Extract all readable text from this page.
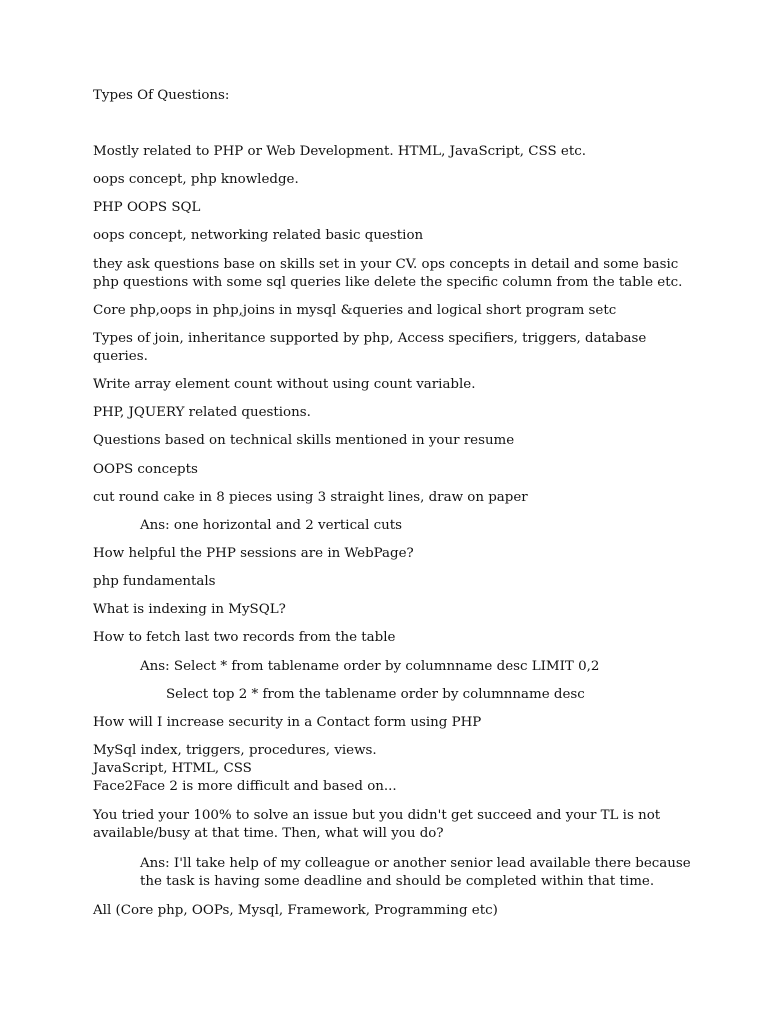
Types Of Questions:
Mostly related to PHP or Web Development. HTML, JavaScript, CSS etc.
oops concept, php knowledge.
PHP OOPS SQL
oops concept, networking related basic question
they ask questions base on skills set in your CV. ops concepts in detail and some basic
php questions with some sql queries like delete the specific column from the table etc.
Core php,oops in php,joins in mysql &queries and logical short program setc
Types of join, inheritance supported by php, Access specifiers, triggers, database
queries.
Write array element count without using count variable.
PHP, JQUERY related questions.
Questions based on technical skills mentioned in your resume
OOPS concepts
cut round cake in 8 pieces using 3 straight lines, draw on paper
Ans: one horizontal and 2 vertical cuts
How helpful the PHP sessions are in WebPage?
php fundamentals
What is indexing in MySQL?
How to fetch last two records from the table
Ans: Select * from tablename order by columnname desc LIMIT 0,2
Select top 2 * from the tablename order by columnname desc
How will I increase security in a Contact form using PHP
MySql index, triggers, procedures, views.
JavaScript, HTML, CSS
Face2Face 2 is more difficult and based on...
You tried your 100% to solve an issue but you didn't get succeed and your TL is not
available/busy at that time. Then, what will you do?
Ans: I'll take help of my colleague or another senior lead available there because
the task is having some deadline and should be completed within that time.
All (Core php, OOPs, Mysql, Framework, Programming etc)
